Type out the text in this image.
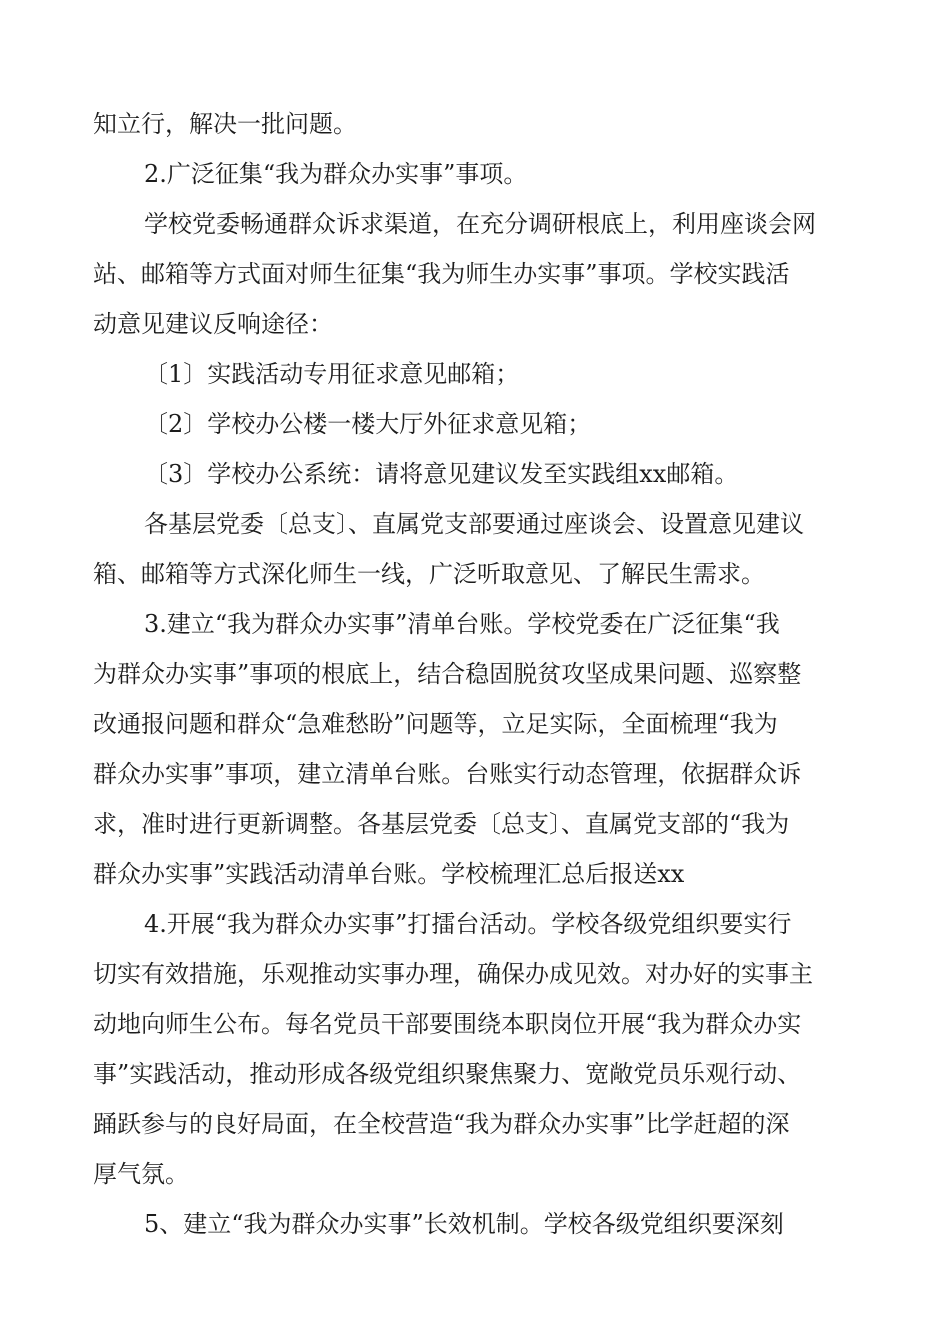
知立行，解决一批问题。

2.广泛征集“我为群众办实事”事项。

学校党委畅通群众诉求渠道，在充分调研根底上，利用座谈会网

站、邮箱等方式面对师生征集“我为师生办实事”事项。学校实践活

动意见建议反响途径：

〔1〕实践活动专用征求意见邮箱；

〔2〕学校办公楼一楼大厅外征求意见箱；

〔3〕学校办公系统：请将意见建议发至实践组xx邮箱。

各基层党委〔总支〕、直属党支部要通过座谈会、设置意见建议

箱、邮箱等方式深化师生一线，广泛听取意见、了解民生需求。

3.建立“我为群众办实事”清单台账。学校党委在广泛征集“我

为群众办实事”事项的根底上，结合稳固脱贫攻坚成果问题、巡察整

改通报问题和群众“急难愁盼”问题等，立足实际，全面梳理“我为

群众办实事”事项，建立清单台账。台账实行动态管理，依据群众诉

求，准时进行更新调整。各基层党委〔总支〕、直属党支部的“我为

群众办实事”实践活动清单台账。学校梳理汇总后报送xx

4.开展“我为群众办实事”打擂台活动。学校各级党组织要实行

切实有效措施，乐观推动实事办理，确保办成见效。对办好的实事主

动地向师生公布。每名党员干部要围绕本职岗位开展“我为群众办实

事”实践活动，推动形成各级党组织聚焦聚力、宽敞党员乐观行动、

踊跃参与的良好局面，在全校营造“我为群众办实事”比学赶超的深

厚气氛。

5、建立“我为群众办实事”长效机制。学校各级党组织要深刻
